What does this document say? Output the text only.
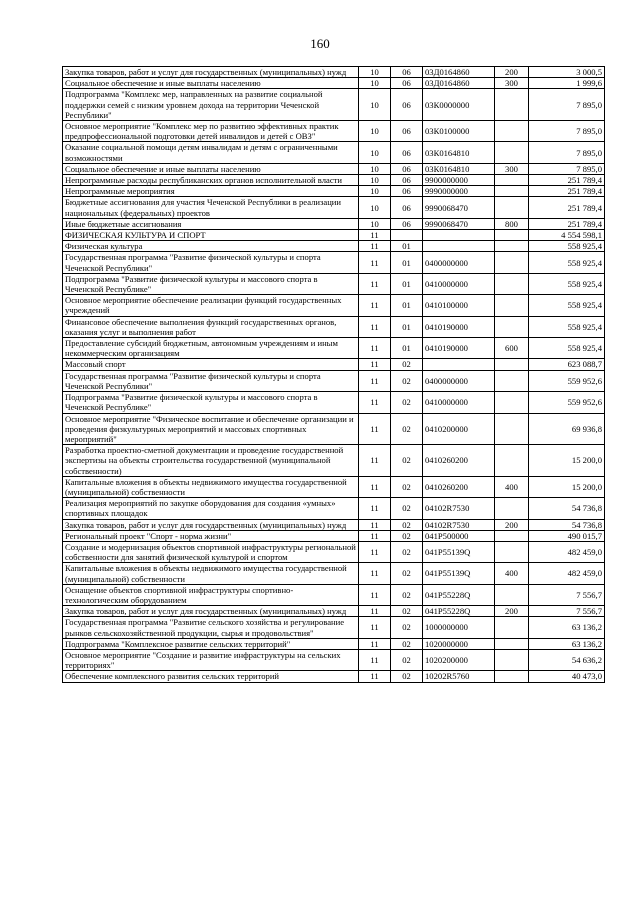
160
Закупка товаров, работ и услуг для государственных (муниципальных) нужд	10	06	03Д0164860	200	3 000,5
Социальное обеспечение и иные выплаты населению	10	06	03Д0164860	300	1 999,6
Подпрограмма "Комплекс мер, направленных на развитие социальной поддержки семей с низким уровнем дохода на территории Чеченской Республики"	10	06	03К0000000		7 895,0
Основное мероприятие "Комплекс мер по развитию эффективных практик предпрофессиональной подготовки детей инвалидов и детей с ОВЗ"	10	06	03К0100000		7 895,0
Оказание социальной помощи детям инвалидам и детям с ограниченными возможностями	10	06	03К0164810		7 895,0
Социальное обеспечение и иные выплаты населению	10	06	03К0164810	300	7 895,0
Непрограммные расходы республиканских органов исполнительной власти	10	06	9900000000		251 789,4
Непрограммные мероприятия	10	06	9990000000		251 789,4
Бюджетные ассигнования для участия Чеченской Республики в реализации национальных (федеральных) проектов	10	06	9990068470		251 789,4
Иные бюджетные ассигнования	10	06	9990068470	800	251 789,4
ФИЗИЧЕСКАЯ КУЛЬТУРА И СПОРТ	11				4 554 598,1
Физическая культура	11	01			558 925,4
Государственная программа "Развитие физической культуры и спорта Чеченской Республики"	11	01	0400000000		558 925,4
Подпрограмма "Развитие физической культуры и массового спорта в Чеченской Республике"	11	01	0410000000		558 925,4
Основное мероприятие обеспечение реализации функций государственных учреждений	11	01	0410100000		558 925,4
Финансовое обеспечение выполнения функций государственных органов, оказания услуг и выполнения работ	11	01	0410190000		558 925,4
Предоставление субсидий бюджетным, автономным учреждениям и иным некоммерческим организациям	11	01	0410190000	600	558 925,4
Массовый спорт	11	02			623 088,7
Государственная программа "Развитие физической культуры и спорта Чеченской Республики"	11	02	0400000000		559 952,6
Подпрограмма "Развитие физической культуры и массового спорта в Чеченской Республике"	11	02	0410000000		559 952,6
Основное мероприятие "Физическое воспитание и обеспечение организации и проведения физкультурных мероприятий и массовых спортивных мероприятий"	11	02	0410200000		69 936,8
Разработка проектно-сметной документации и проведение государственной экспертизы на объекты строительства государственной (муниципальной собственности)	11	02	0410260200		15 200,0
Капитальные вложения в объекты недвижимого имущества государственной (муниципальной) собственности	11	02	0410260200	400	15 200,0
Реализация мероприятий по закупке оборудования для создания «умных» спортивных площадок	11	02	04102R7530		54 736,8
Закупка товаров, работ и услуг для государственных (муниципальных) нужд	11	02	04102R7530	200	54 736,8
Региональный проект "Спорт - норма жизни"	11	02	041P500000		490 015,7
Создание и модернизация объектов спортивной инфраструктуры региональной собственности для занятий физической культурой и спортом	11	02	041P55139Q		482 459,0
Капитальные вложения в объекты недвижимого имущества государственной (муниципальной) собственности	11	02	041P55139Q	400	482 459,0
Оснащение объектов спортивной инфраструктуры спортивно-технологическим оборудованием	11	02	041P55228Q		7 556,7
Закупка товаров, работ и услуг для государственных (муниципальных) нужд	11	02	041P55228Q	200	7 556,7
Государственная программа "Развитие сельского хозяйства и регулирование рынков сельскохозяйственной продукции, сырья и продовольствия"	11	02	1000000000		63 136,2
Подпрограмма "Комплексное развитие сельских территорий"	11	02	1020000000		63 136,2
Основное мероприятие "Создание и развитие инфраструктуры на сельских территориях"	11	02	1020200000		54 636,2
Обеспечение комплексного развития сельских территорий	11	02	10202R5760		40 473,0
